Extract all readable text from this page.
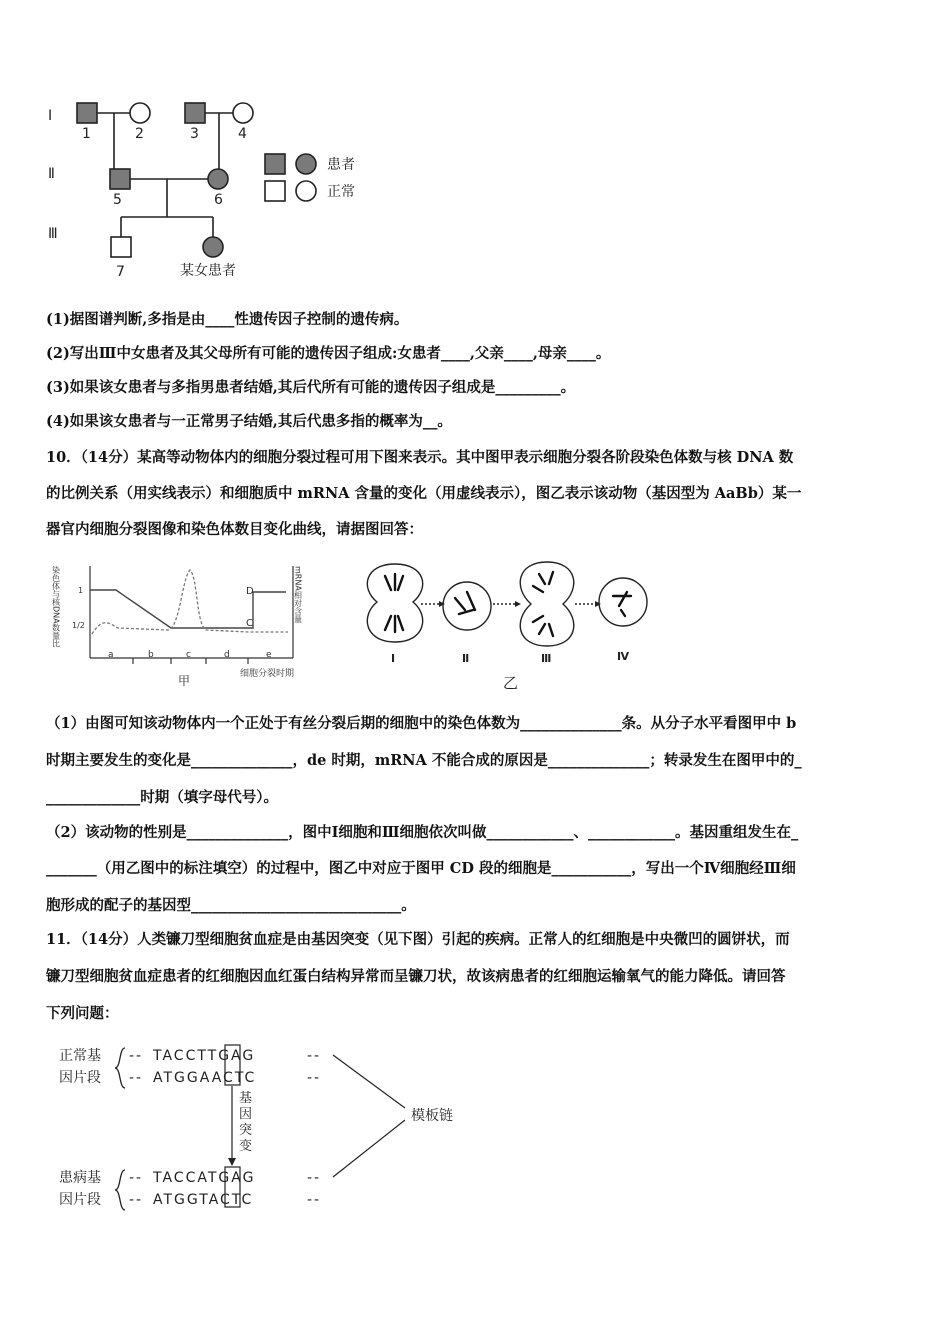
Ⅰ
Ⅱ
Ⅲ
1	2	3	4
5	6
7	某女患者
患者
正常
(1)据图谱判断,多指是由____性遗传因子控制的遗传病。
(2)写出Ⅲ中女患者及其父母所有可能的遗传因子组成:女患者____,父亲____,母亲____。
(3)如果该女患者与多指男患者结婚,其后代所有可能的遗传因子组成是_________。
(4)如果该女患者与一正常男子结婚,其后代患多指的概率为__。
10．（14分）某高等动物体内的细胞分裂过程可用下图来表示。其中图甲表示细胞分裂各阶段染色体数与核 DNA 数
的比例关系（用实线表示）和细胞质中 mRNA 含量的变化（用虚线表示），图乙表示该动物（基因型为 AaBb）某一
器官内细胞分裂图像和染色体数目变化曲线，请据图回答：
染色体与核DNA数量比	mRNA相对含量
1
1/2
D
C
a	b	c	d	e
细胞分裂时期
甲
Ⅰ	Ⅱ	Ⅲ	Ⅳ
乙
（1）由图可知该动物体内一个正处于有丝分裂后期的细胞中的染色体数为______________条。从分子水平看图甲中 b
时期主要发生的变化是______________，de 时期，mRNA 不能合成的原因是______________；转录发生在图甲中的_
_____________时期（填字母代号）。
（2）该动物的性别是______________，图中Ⅰ细胞和Ⅲ细胞依次叫做____________、____________。基因重组发生在_
_______（用乙图中的标注填空）的过程中，图乙中对应于图甲 CD 段的细胞是___________，写出一个Ⅳ细胞经Ⅲ细
胞形成的配子的基因型_____________________________。
11．（14分）人类镰刀型细胞贫血症是由基因突变（见下图）引起的疾病。正常人的红细胞是中央微凹的圆饼状，而
镰刀型细胞贫血症患者的红细胞因血红蛋白结构异常而呈镰刀状，故该病患者的红细胞运输氧气的能力降低。请回答
下列问题：
正常基
因片段
患病基
因片段
--
--
--
--
TACCTTGAG
ATGGAACTC
TACCATGAG
ATGGTACTC
--
--
--
--
基
因
突
变
模板链
